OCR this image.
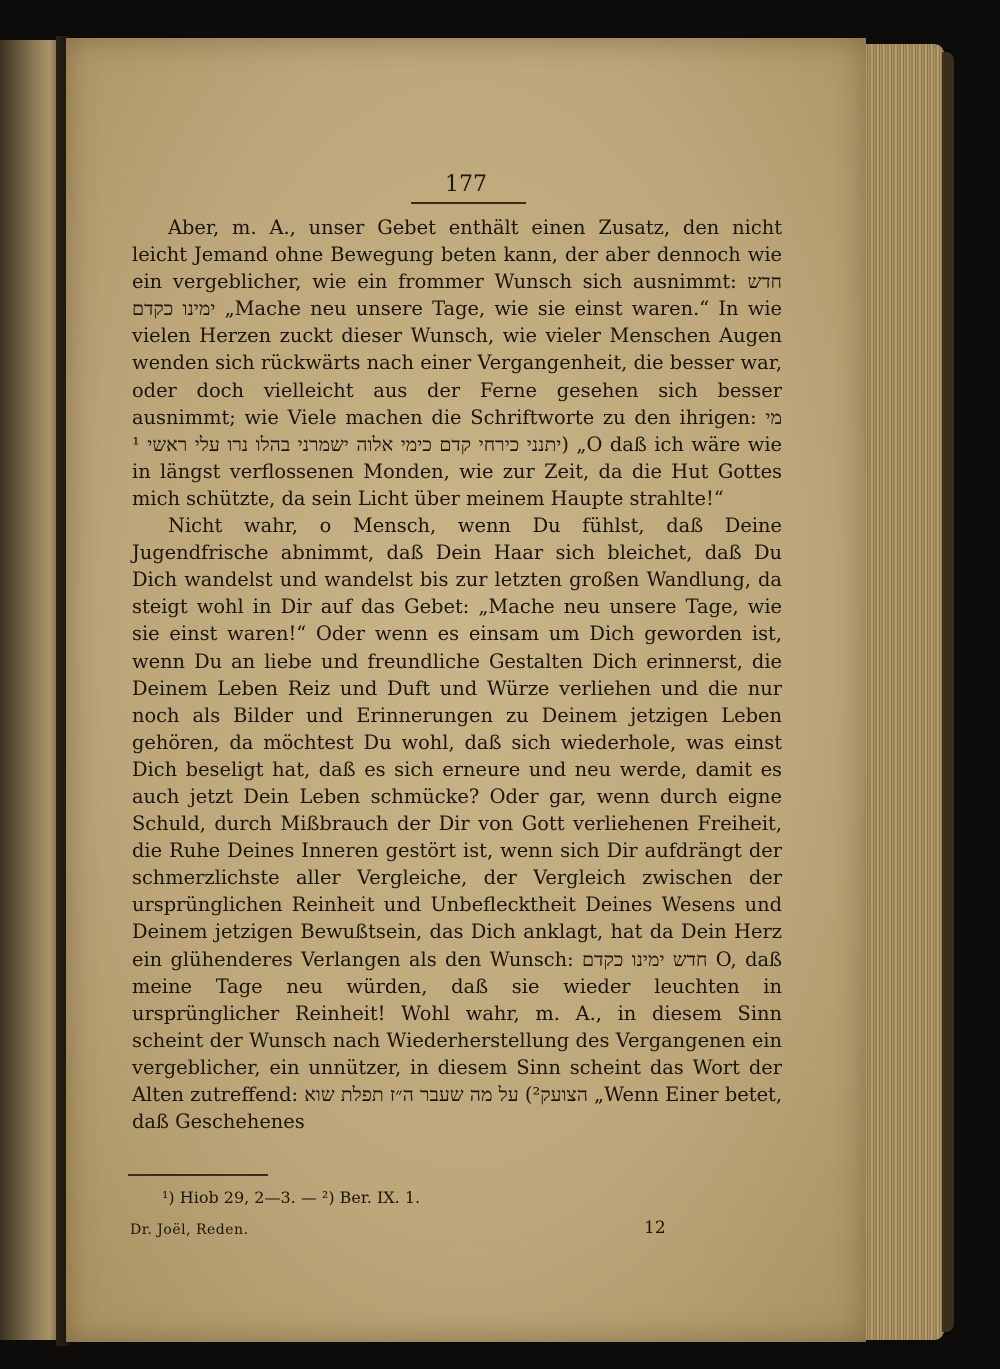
177

Aber, m. A., unser Gebet enthält einen Zusatz, den nicht leicht Jemand ohne Bewegung beten kann, der aber dennoch wie ein vergeblicher, wie ein frommer Wunsch sich ausnimmt: חדש ימינו כקדם „Mache neu unsere Tage, wie sie einst waren.“ In wie vielen Herzen zuckt dieser Wunsch, wie vieler Menschen Augen wenden sich rückwärts nach einer Vergangenheit, die besser war, oder doch vielleicht aus der Ferne gesehen sich besser ausnimmt; wie Viele machen die Schriftworte zu den ihrigen: מי יתנני כירחי קדם כימי אלוה ישמרני בהלו נרו עלי ראשי ¹) „O daß ich wäre wie in längst verflossenen Monden, wie zur Zeit, da die Hut Gottes mich schützte, da sein Licht über meinem Haupte strahlte!“

Nicht wahr, o Mensch, wenn Du fühlst, daß Deine Jugendfrische abnimmt, daß Dein Haar sich bleichet, daß Du Dich wandelst und wandelst bis zur letzten großen Wandlung, da steigt wohl in Dir auf das Gebet: „Mache neu unsere Tage, wie sie einst waren!“ Oder wenn es einsam um Dich geworden ist, wenn Du an liebe und freundliche Gestalten Dich erinnerst, die Deinem Leben Reiz und Duft und Würze verliehen und die nur noch als Bilder und Erinnerungen zu Deinem jetzigen Leben gehören, da möchtest Du wohl, daß sich wiederhole, was einst Dich beseligt hat, daß es sich erneure und neu werde, damit es auch jetzt Dein Leben schmücke? Oder gar, wenn durch eigne Schuld, durch Mißbrauch der Dir von Gott verliehenen Freiheit, die Ruhe Deines Inneren gestört ist, wenn sich Dir aufdrängt der schmerzlichste aller Vergleiche, der Vergleich zwischen der ursprünglichen Reinheit und Unbeflecktheit Deines Wesens und Deinem jetzigen Bewußtsein, das Dich anklagt, hat da Dein Herz ein glühenderes Verlangen als den Wunsch: חדש ימינו כקדם O, daß meine Tage neu würden, daß sie wieder leuchten in ursprünglicher Reinheit! Wohl wahr, m. A., in diesem Sinn scheint der Wunsch nach Wiederherstellung des Vergangenen ein vergeblicher, ein unnützer, in diesem Sinn scheint das Wort der Alten zutreffend: הצועק²) על מה שעבר ה״ז תפלת שוא „Wenn Einer betet, daß Geschehenes

¹) Hiob 29, 2—3. — ²) Ber. IX. 1.
Dr. Joël, Reden.	12
